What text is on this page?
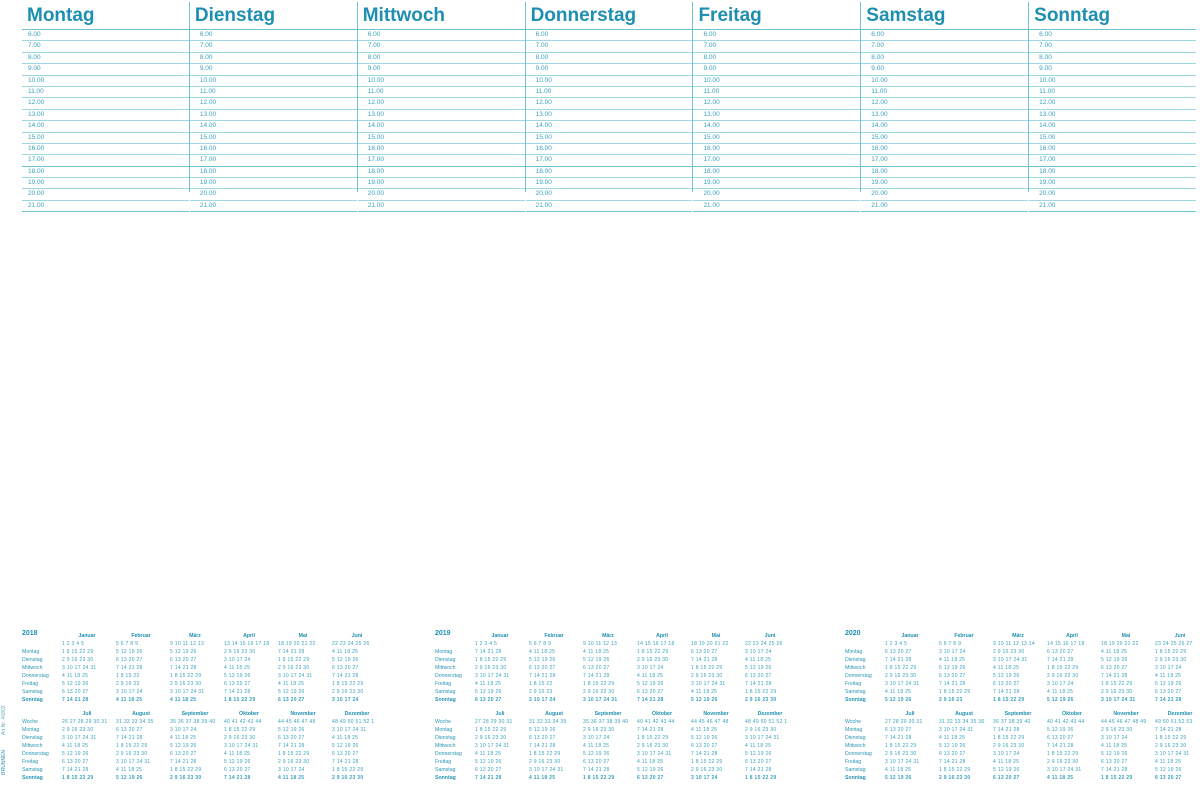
Montag
6.00
7.00
8.00
9.00
10.00
11.00
12.00
13.00
14.00
15.00
16.00
17.00
18.00
19.00
20.00
21.00
Dienstag
6.00
7.00
8.00
9.00
10.00
11.00
12.00
13.00
14.00
15.00
16.00
17.00
18.00
19.00
20.00
21.00
Mittwoch
6.00
7.00
8.00
9.00
10.00
11.00
12.00
13.00
14.00
15.00
16.00
17.00
18.00
19.00
20.00
21.00
Donnerstag
6.00
7.00
8.00
9.00
10.00
11.00
12.00
13.00
14.00
15.00
16.00
17.00
18.00
19.00
20.00
21.00
Freitag
6.00
7.00
8.00
9.00
10.00
11.00
12.00
13.00
14.00
15.00
16.00
17.00
18.00
19.00
20.00
21.00
Samstag
6.00
7.00
8.00
9.00
10.00
11.00
12.00
13.00
14.00
15.00
16.00
17.00
18.00
19.00
20.00
21.00
Sonntag
6.00
7.00
8.00
9.00
10.00
11.00
12.00
13.00
14.00
15.00
16.00
17.00
18.00
19.00
20.00
21.00
2018
Montag
Dienstag
Mittwoch
Donnerstag
Freitag
Samstag
Sonntag
Januar
1 2 3 4 5
1 8 15 22 29
2 9 16 23 30
3 10 17 24 31
4 11 18 25
5 12 19 26
6 13 20 27
7 14 21 28
Februar
5 6 7 8 9
5 12 19 26
6 13 20 27
7 14 21 28
1 8 15 22
2 9 16 23
3 10 17 24
4 11 18 25
März
9 10 11 12 13
5 12 19 26
6 13 20 27
7 14 21 28
1 8 15 22 29
2 9 16 23 30
3 10 17 24 31
4 11 18 25
April
13 14 15 16 17 18
2 9 16 23 30
3 10 17 24
4 11 18 25
5 12 19 26
6 13 20 27
7 14 21 28
1 8 15 22 29
Mai
18 19 20 21 22
7 14 21 28
1 8 15 22 29
2 9 16 23 30
3 10 17 24 31
4 11 18 25
5 12 19 26
6 13 20 27
Juni
22 23 24 25 26
4 11 18 25
5 12 19 26
6 13 20 27
7 14 21 28
1 8 15 22 29
2 9 16 23 30
3 10 17 24
Woche
Montag
Dienstag
Mittwoch
Donnerstag
Freitag
Samstag
Sonntag
Juli
26 27 28 29 30 31
2 9 16 23 30
3 10 17 24 31
4 11 18 25
5 12 19 26
6 13 20 27
7 14 21 28
1 8 15 22 29
August
31 32 33 34 35
6 13 20 27
7 14 21 28
1 8 15 22 29
2 9 16 23 30
3 10 17 24 31
4 11 18 25
5 12 19 26
September
35 36 37 38 39 40
3 10 17 24
4 11 18 25
5 12 19 26
6 13 20 27
7 14 21 28
1 8 15 22 29
2 9 16 23 30
Oktober
40 41 42 43 44
1 8 15 22 29
2 9 16 23 30
3 10 17 24 31
4 11 18 25
5 12 19 26
6 13 20 27
7 14 21 28
November
44 45 46 47 48
5 12 19 26
6 13 20 27
7 14 21 28
1 8 15 22 29
2 9 16 23 30
3 10 17 24
4 11 18 25
Dezember
48 49 50 51 52 1
3 10 17 24 31
4 11 18 25
5 12 19 26
6 13 20 27
7 14 21 28
1 8 15 22 29
2 9 16 23 30
2019
Montag
Dienstag
Mittwoch
Donnerstag
Freitag
Samstag
Sonntag
Januar
1 2 3 4 5
7 14 21 28
1 8 15 22 29
2 9 16 23 30
3 10 17 24 31
4 11 18 25
5 12 19 26
6 13 20 27
Februar
5 6 7 8 9
4 11 18 25
5 12 19 26
6 13 20 27
7 14 21 28
1 8 15 22
2 9 16 23
3 10 17 24
März
9 10 11 12 13
4 11 18 25
5 12 19 26
6 13 20 27
7 14 21 28
1 8 15 22 29
2 9 16 23 30
3 10 17 24 31
April
14 15 16 17 18
1 8 15 22 29
2 9 16 23 30
3 10 17 24
4 11 18 25
5 12 19 26
6 13 20 27
7 14 21 28
Mai
18 19 20 21 22
6 13 20 27
7 14 21 28
1 8 15 22 29
2 9 16 23 30
3 10 17 24 31
4 11 18 25
5 12 19 26
Juni
22 23 24 25 26
3 10 17 24
4 11 18 25
5 12 19 26
6 13 20 27
7 14 21 28
1 8 15 22 29
2 9 16 23 30
Woche
Montag
Dienstag
Mittwoch
Donnerstag
Freitag
Samstag
Sonntag
Juli
27 28 29 30 31
1 8 15 22 29
2 9 16 23 30
3 10 17 24 31
4 11 18 25
5 12 19 26
6 13 20 27
7 14 21 28
August
31 32 33 34 35
5 12 19 26
6 13 20 27
7 14 21 28
1 8 15 22 29
2 9 16 23 30
3 10 17 24 31
4 11 18 25
September
35 36 37 38 39 40
2 9 16 23 30
3 10 17 24
4 11 18 25
5 12 19 26
6 13 20 27
7 14 21 28
1 8 15 22 29
Oktober
40 41 42 43 44
7 14 21 28
1 8 15 22 29
2 9 16 23 30
3 10 17 24 31
4 11 18 25
5 12 19 26
6 13 20 27
November
44 45 46 47 48
4 11 18 25
5 12 19 26
6 13 20 27
7 14 21 28
1 8 15 22 29
2 9 16 23 30
3 10 17 24
Dezember
48 49 50 51 52 1
2 9 16 23 30
3 10 17 24 31
4 11 18 25
5 12 19 26
6 13 20 27
7 14 21 28
1 8 15 22 29
2020
Montag
Dienstag
Mittwoch
Donnerstag
Freitag
Samstag
Sonntag
Januar
1 2 3 4 5
6 13 20 27
7 14 21 28
1 8 15 22 29
2 9 16 23 30
3 10 17 24 31
4 11 18 25
5 12 19 26
Februar
5 6 7 8 9
3 10 17 24
4 11 18 25
5 12 19 26
6 13 20 27
7 14 21 28
1 8 15 22 29
2 9 16 23
März
9 10 11 12 13 14
2 9 16 23 30
3 10 17 24 31
4 11 18 25
5 12 19 26
6 13 20 27
7 14 21 28
1 8 15 22 29
April
14 15 16 17 18
6 13 20 27
7 14 21 28
1 8 15 22 29
2 9 16 23 30
3 10 17 24
4 11 18 25
5 12 19 26
Mai
18 19 20 21 22
4 11 18 25
5 12 19 26
6 13 20 27
7 14 21 28
1 8 15 22 29
2 9 16 23 30
3 10 17 24 31
Juni
23 24 25 26 27
1 8 15 22 29
2 9 16 23 30
3 10 17 24
4 11 18 25
5 12 19 26
6 13 20 27
7 14 21 28
Woche
Montag
Dienstag
Mittwoch
Donnerstag
Freitag
Samstag
Sonntag
Juli
27 28 29 30 31
6 13 20 27
7 14 21 28
1 8 15 22 29
2 9 16 23 30
3 10 17 24 31
4 11 18 25
5 12 19 26
August
31 32 33 34 35 36
3 10 17 24 31
4 11 18 25
5 12 19 26
6 13 20 27
7 14 21 28
1 8 15 22 29
2 9 16 23 30
September
36 37 38 39 40
7 14 21 28
1 8 15 22 29
2 9 16 23 30
3 10 17 24
4 11 18 25
5 12 19 26
6 13 20 27
Oktober
40 41 42 43 44
5 12 19 26
6 13 20 27
7 14 21 28
1 8 15 22 29
2 9 16 23 30
3 10 17 24 31
4 11 18 25
November
44 45 46 47 48 49
2 9 16 23 30
3 10 17 24
4 11 18 25
5 12 19 26
6 13 20 27
7 14 21 28
1 8 15 22 29
Dezember
49 50 51 52 53
7 14 21 28
1 8 15 22 29
2 9 16 23 30
3 10 17 24 31
4 11 18 25
5 12 19 26
6 13 20 27
Art.Nr. 46803
BRUNNEN
